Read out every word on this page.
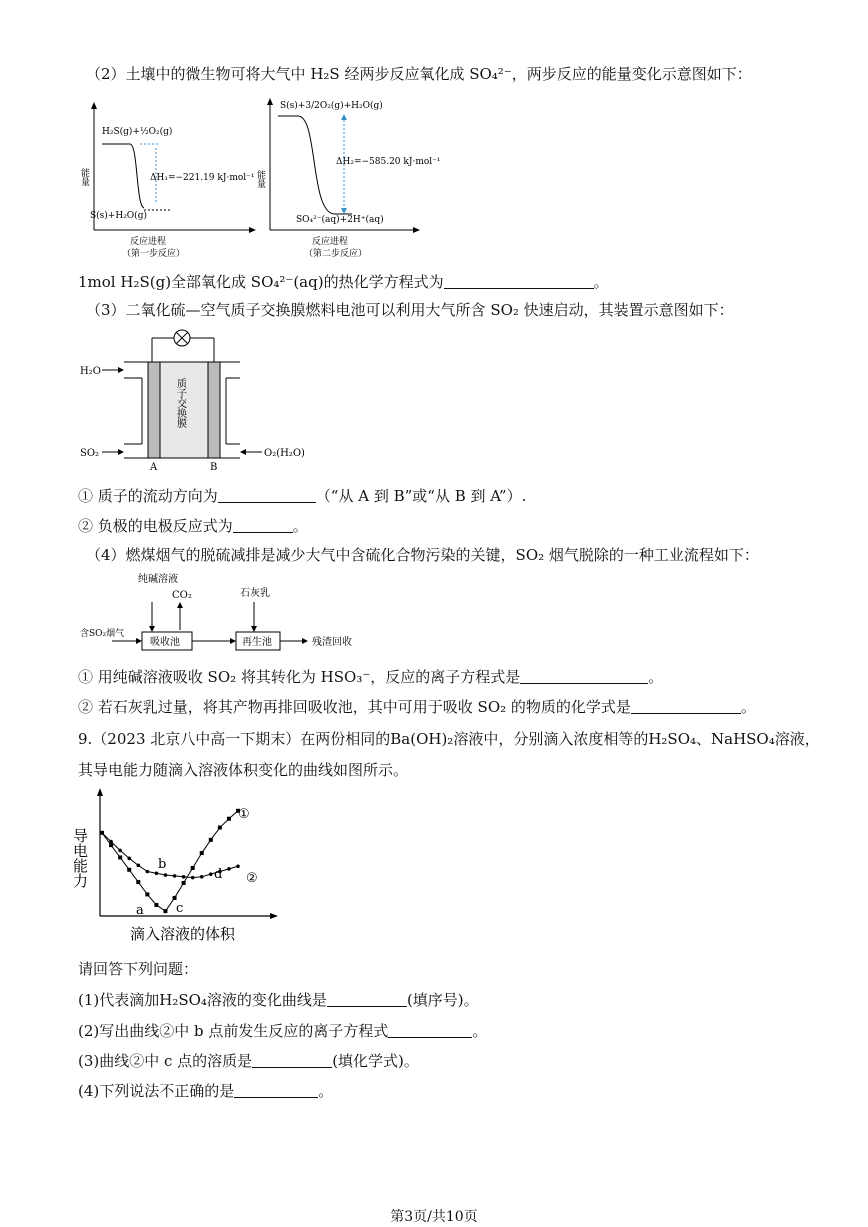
（2）土壤中的微生物可将大气中 H₂S 经两步反应氧化成 SO₄²⁻，两步反应的能量变化示意图如下：
能量
H₂S(g)+½O₂(g)
ΔH₁=−221.19 kJ·mol⁻¹
S(s)+H₂O(g)
反应进程
（第一步反应）
能量
S(s)+3/2O₂(g)+H₂O(g)
ΔH₂=−585.20 kJ·mol⁻¹
SO₄²⁻(aq)+2H⁺(aq)
反应进程
（第二步反应）
1mol H₂S(g)全部氧化成 SO₄²⁻(aq)的热化学方程式为	。
（3）二氧化硫—空气质子交换膜燃料电池可以利用大气所含 SO₂ 快速启动，其装置示意图如下：
H₂O
SO₂	O₂(H₂O)
质子交换膜
A	B
① 质子的流动方向为	（“从 A 到 B”或“从 B 到 A”）.
② 负极的电极反应式为	。
（4）燃煤烟气的脱硫减排是减少大气中含硫化合物污染的关键，SO₂ 烟气脱除的一种工业流程如下：
纯碱溶液
CO₂	石灰乳
含SO₂烟气
吸收池	再生池	残渣回收
① 用纯碱溶液吸收 SO₂ 将其转化为 HSO₃⁻，反应的离子方程式是	。
② 若石灰乳过量，将其产物再排回吸收池，其中可用于吸收 SO₂ 的物质的化学式是	。
9.（2023 北京八中高一下期末）在两份相同的Ba(OH)₂溶液中，分别滴入浓度相等的H₂SO₄、NaHSO₄溶液，
其导电能力随滴入溶液体积变化的曲线如图所示。
导电能力
滴入溶液的体积
①
②
a
b
c
d
请回答下列问题：
(1)代表滴加H₂SO₄溶液的变化曲线是	(填序号)。
(2)写出曲线②中 b 点前发生反应的离子方程式	。
(3)曲线②中 c 点的溶质是	(填化学式)。
(4)下列说法不正确的是	。
第3页/共10页
